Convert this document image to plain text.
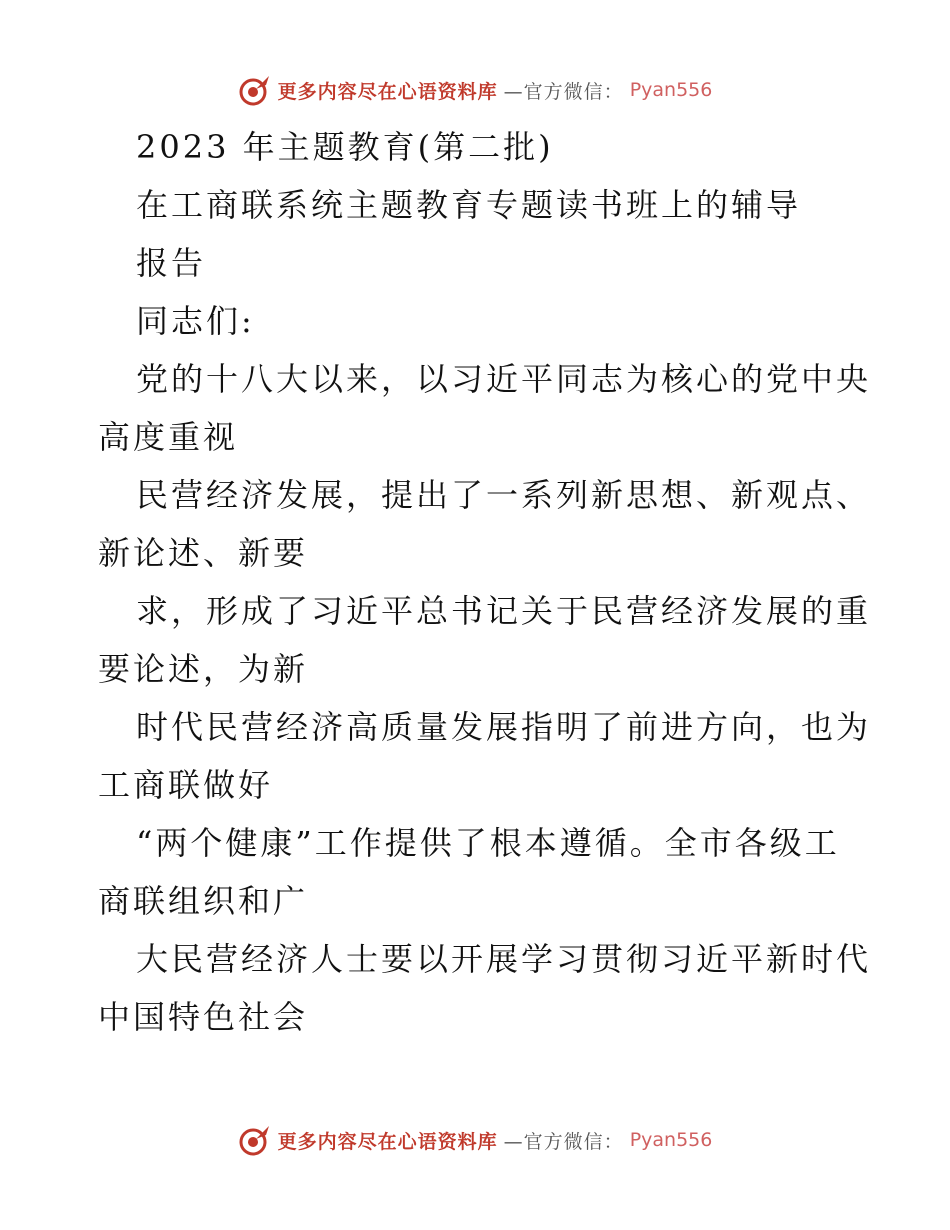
更多内容尽在心语资料库 —官方微信： Pyan556
2023 年主题教育(第二批)
在工商联系统主题教育专题读书班上的辅导
报告
同志们:
党的十八大以来，以习近平同志为核心的党中央
高度重视
民营经济发展，提出了一系列新思想、新观点、
新论述、新要
求，形成了习近平总书记关于民营经济发展的重
要论述，为新
时代民营经济高质量发展指明了前进方向，也为
工商联做好
“两个健康”工作提供了根本遵循。全市各级工
商联组织和广
大民营经济人士要以开展学习贯彻习近平新时代
中国特色社会
更多内容尽在心语资料库 —官方微信： Pyan556
